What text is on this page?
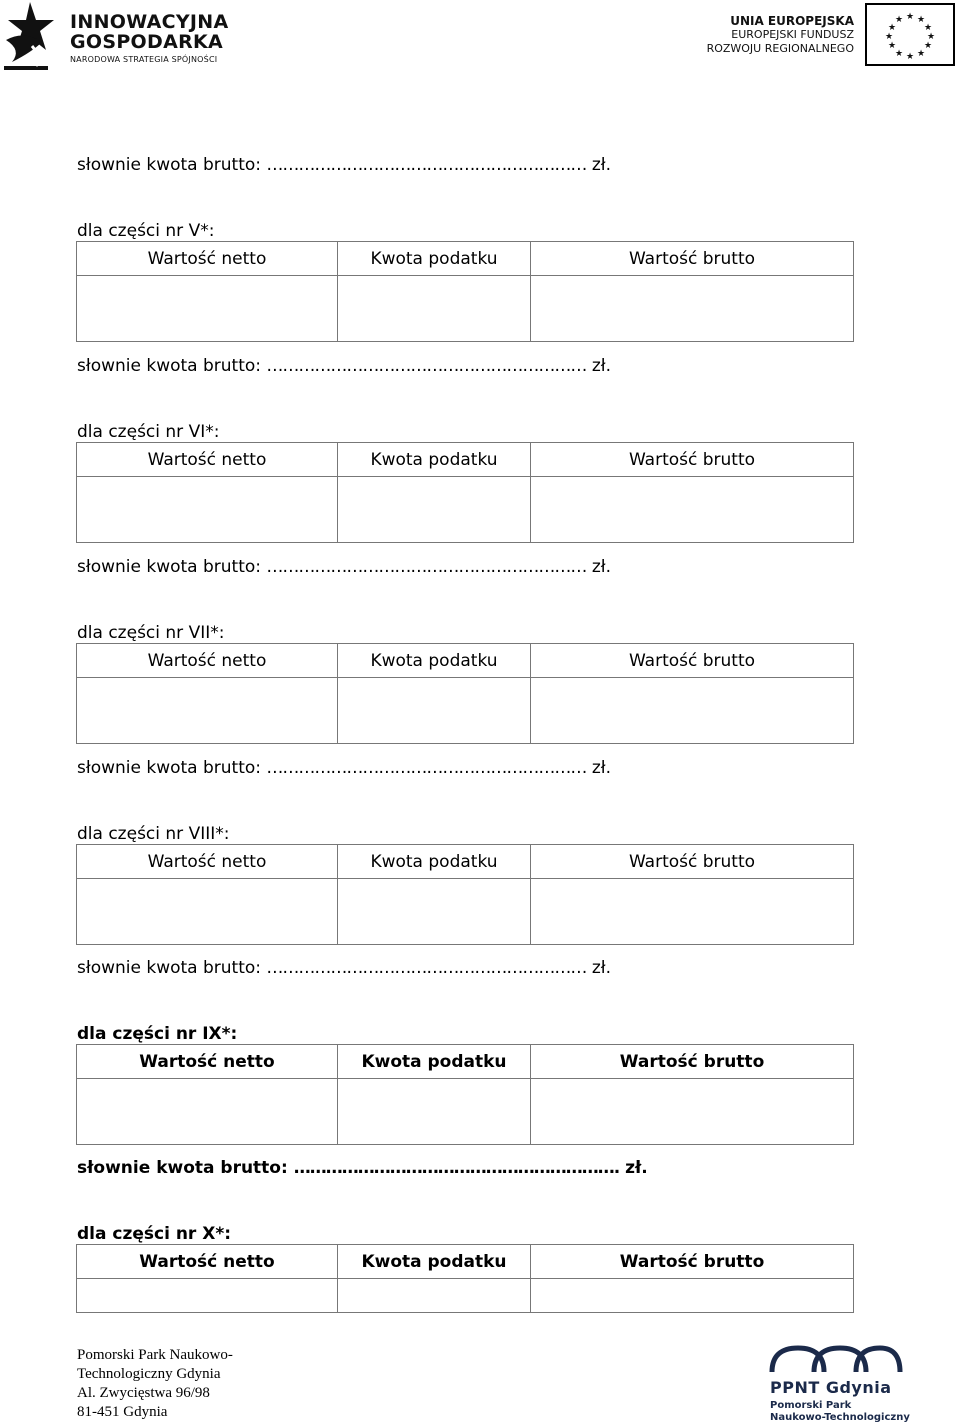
INNOWACYJNA
GOSPODARKA
NARODOWA STRATEGIA SPÓJNOŚCI
UNIA EUROPEJSKA
EUROPEJSKI FUNDUSZ
ROZWOJU REGIONALNEGO
★ ★
★
★
★
★
★
★
★
★
★
★
słownie kwota brutto: …………………………………………………… zł.
dla części nr V*:
Wartość netto	Kwota podatku	Wartość brutto

słownie kwota brutto: …………………………………………………… zł.
dla części nr VI*:
Wartość netto	Kwota podatku	Wartość brutto

słownie kwota brutto: …………………………………………………… zł.
dla części nr VII*:
Wartość netto	Kwota podatku	Wartość brutto

słownie kwota brutto: …………………………………………………… zł.
dla części nr VIII*:
Wartość netto	Kwota podatku	Wartość brutto

słownie kwota brutto: …………………………………………………… zł.
dla części nr IX*:
Wartość netto	Kwota podatku	Wartość brutto

słownie kwota brutto: ……………………………………………………. zł.
dla części nr X*:
Wartość netto	Kwota podatku	Wartość brutto

Pomorski Park Naukowo-
Technologiczny Gdynia
Al. Zwycięstwa 96/98
81-451 Gdynia
PPNT Gdynia
Pomorski Park
Naukowo-Technologiczny
